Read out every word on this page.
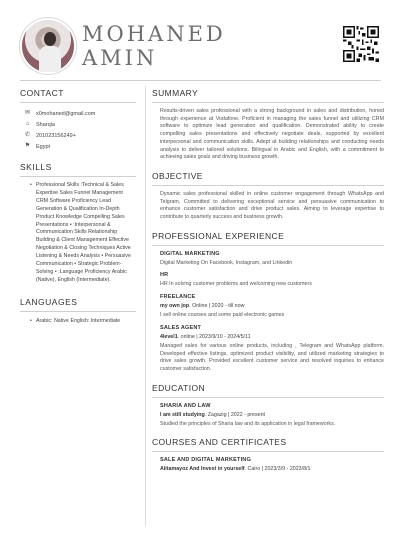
MOHANED
AMIN
CONTACT
✉ x0mohaned@gmail.com
⌂	Sharqia
✆ 201023156249+
⚑ Egypt
SKILLS
• Professional Skills :Technical & Sales Expertise Sales Funnel Management CRM Software Proficiency Lead Generation & Qualification In-Depth Product Knowledge Compelling Sales Presentations • :Interpersonal & Communication Skills Relationship Building & Client Management Effective Negotiation & Closing Techniques Active Listening & Needs Analysis • Persuasive Communication • Strategic Problem-Solving • :Language Proficiency Arabic (Native), English (Intermediate).
LANGUAGES
• Arabic: Native English: Intermediate
SUMMARY
Results-driven sales professional with a strong background in sales and distribution, honed through experience at Vodafone. Proficient in managing the sales funnel and utilizing CRM software to optimize lead generation and qualification. Demonstrated ability to create compelling sales presentations and effectively negotiate deals, supported by excellent interpersonal and communication skills. Adept at building relationships and conducting needs analysis to deliver tailored solutions. Bilingual in Arabic and English, with a commitment to achieving sales goals and driving business growth.
OBJECTIVE
Dynamic sales professional skilled in online customer engagement through WhatsApp and Telgram. Committed to delivering exceptional service and persuasive communication to enhance customer satisfaction and drive product sales. Aiming to leverage expertise to contribute to quarterly success and business growth.
PROFESSIONAL EXPERIENCE
DIGITAL MARKETING
Digital Marketing On Facebook, Instagram, and Linkedin
HR
HR In solving customer problems and welcoming new customers
FREELANCE
my own jop. Online | 2020 - till now
I sell online courses and some paid electronic games
SALES AGENT
4level1. online | 2023/9/10 - 2024/5/11
Managed sales for various online products, including , Telegram and WhatsApp platform. Developed effective listings, optimized product visibility, and utilized marketing strategies to drive sales growth. Provided excellent customer service and resolved inquiries to enhance customer satisfaction.
EDUCATION
SHARIA AND LAW
I am still studying. Zagazig | 2022 - present
Studied the principles of Sharia law and its application in legal frameworks.
COURSES AND CERTIFICATES
SALE AND DIGITAL MARKETING
Alitamayoz And Invest in yourself. Cairo | 2023/3/9 - 2023/8/1
